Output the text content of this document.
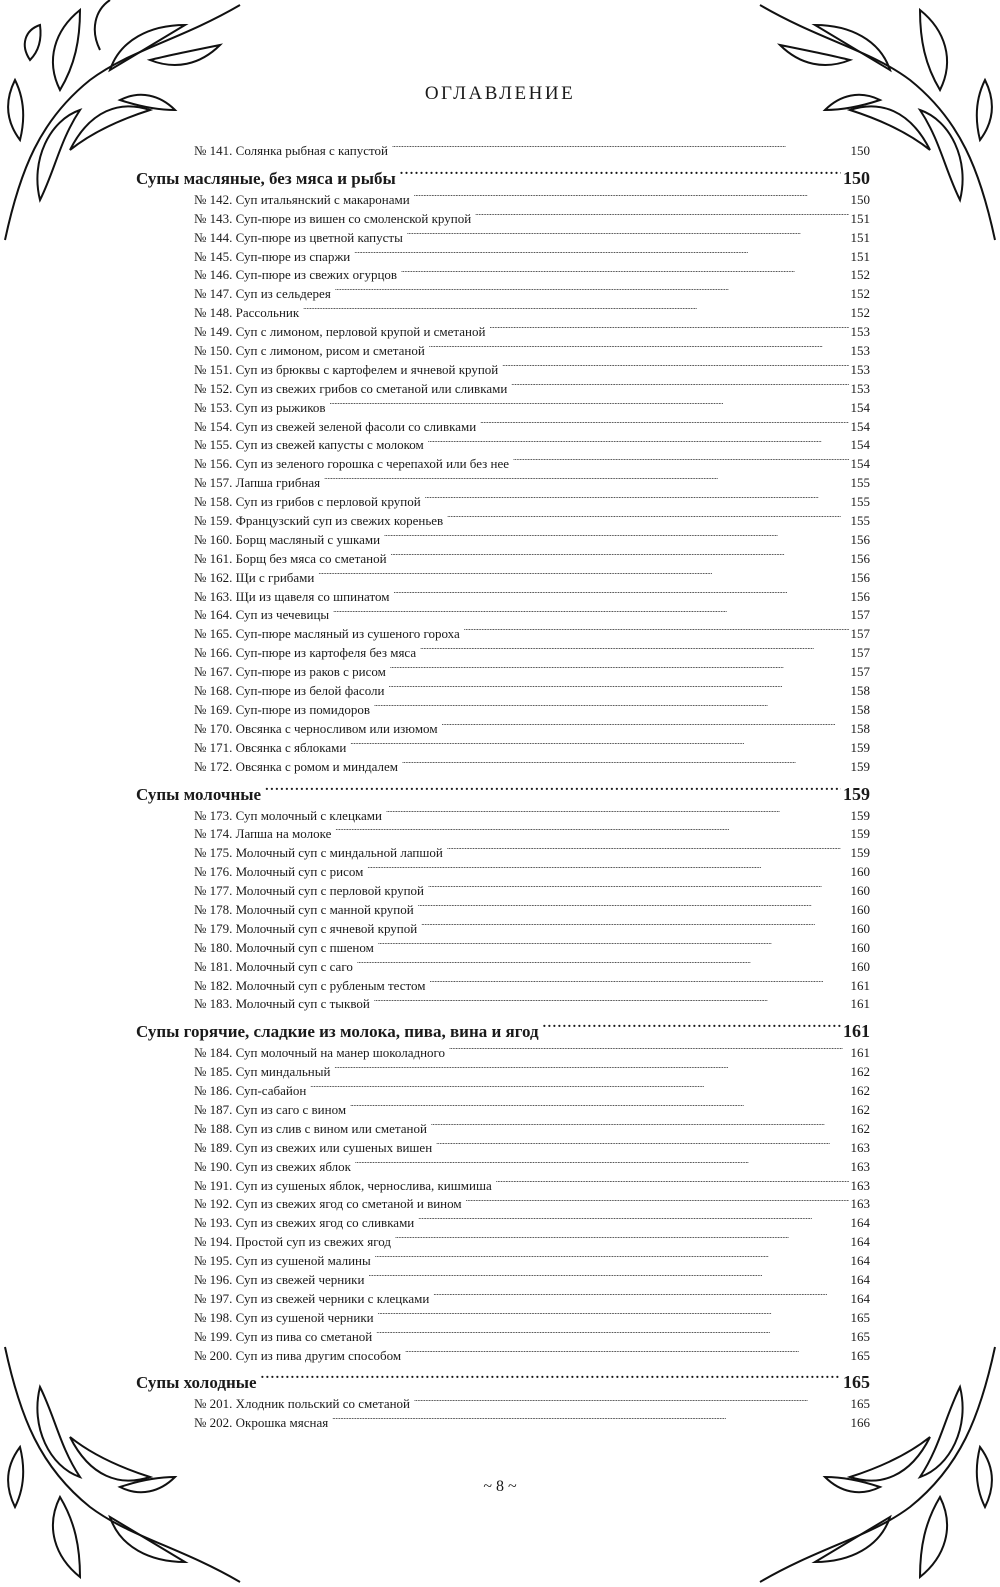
ОГЛАВЛЕНИЕ
№ 141. Солянка рыбная с капустой . . .	150
Супы масляные, без мяса и рыбы . . .	150
№ 142. Суп итальянский с макаронами . . .	150
№ 143. Суп-пюре из вишен со смоленской крупой . . .	151
№ 144. Суп-пюре из цветной капусты . . .	151
№ 145. Суп-пюре из спаржи . . .	151
№ 146. Суп-пюре из свежих огурцов . . .	152
№ 147. Суп из сельдерея . . .	152
№ 148. Рассольник . . .	152
№ 149. Суп с лимоном, перловой крупой и сметаной . . .	153
№ 150. Суп с лимоном, рисом и сметаной . . .	153
№ 151. Суп из брюквы с картофелем и ячневой крупой . . .	153
№ 152. Суп из свежих грибов со сметаной или сливками . . .	153
№ 153. Суп из рыжиков . . .	154
№ 154. Суп из свежей зеленой фасоли со сливками . . .	154
№ 155. Суп из свежей капусты с молоком . . .	154
№ 156. Суп из зеленого горошка с черепахой или без нее . . .	154
№ 157. Лапша грибная . . .	155
№ 158. Суп из грибов с перловой крупой . . .	155
№ 159. Французский суп из свежих кореньев . . .	155
№ 160. Борщ масляный с ушками . . .	156
№ 161. Борщ без мяса со сметаной . . .	156
№ 162. Щи с грибами . . .	156
№ 163. Щи из щавеля со шпинатом . . .	156
№ 164. Суп из чечевицы . . .	157
№ 165. Суп-пюре масляный из сушеного гороха . . .	157
№ 166. Суп-пюре из картофеля без мяса . . .	157
№ 167. Суп-пюре из раков с рисом . . .	157
№ 168. Суп-пюре из белой фасоли . . .	158
№ 169. Суп-пюре из помидоров . . .	158
№ 170. Овсянка с черносливом или изюмом . . .	158
№ 171. Овсянка с яблоками . . .	159
№ 172. Овсянка с ромом и миндалем . . .	159
Супы молочные . . .	159
№ 173. Суп молочный с клецками . . .	159
№ 174. Лапша на молоке . . .	159
№ 175. Молочный суп с миндальной лапшой . . .	159
№ 176. Молочный суп с рисом . . .	160
№ 177. Молочный суп с перловой крупой . . .	160
№ 178. Молочный суп с манной крупой . . .	160
№ 179. Молочный суп с ячневой крупой . . .	160
№ 180. Молочный суп с пшеном . . .	160
№ 181. Молочный суп с саго . . .	160
№ 182. Молочный суп с рубленым тестом . . .	161
№ 183. Молочный суп с тыквой . . .	161
Супы горячие, сладкие из молока, пива, вина и ягод . . .	161
№ 184. Суп молочный на манер шоколадного . . .	161
№ 185. Суп миндальный . . .	162
№ 186. Суп-сабайон . . .	162
№ 187. Суп из саго с вином . . .	162
№ 188. Суп из слив с вином или сметаной . . .	162
№ 189. Суп из свежих или сушеных вишен . . .	163
№ 190. Суп из свежих яблок . . .	163
№ 191. Суп из сушеных яблок, чернослива, кишмиша . . .	163
№ 192. Суп из свежих ягод со сметаной и вином . . .	163
№ 193. Суп из свежих ягод со сливками . . .	164
№ 194. Простой суп из свежих ягод . . .	164
№ 195. Суп из сушеной малины . . .	164
№ 196. Суп из свежей черники . . .	164
№ 197. Суп из свежей черники с клецками . . .	164
№ 198. Суп из сушеной черники . . .	165
№ 199. Суп из пива со сметаной . . .	165
№ 200. Суп из пива другим способом . . .	165
Супы холодные . . .	165
№ 201. Хлодник польский со сметаной . . .	165
№ 202. Окрошка мясная . . .	166
~ 8 ~
